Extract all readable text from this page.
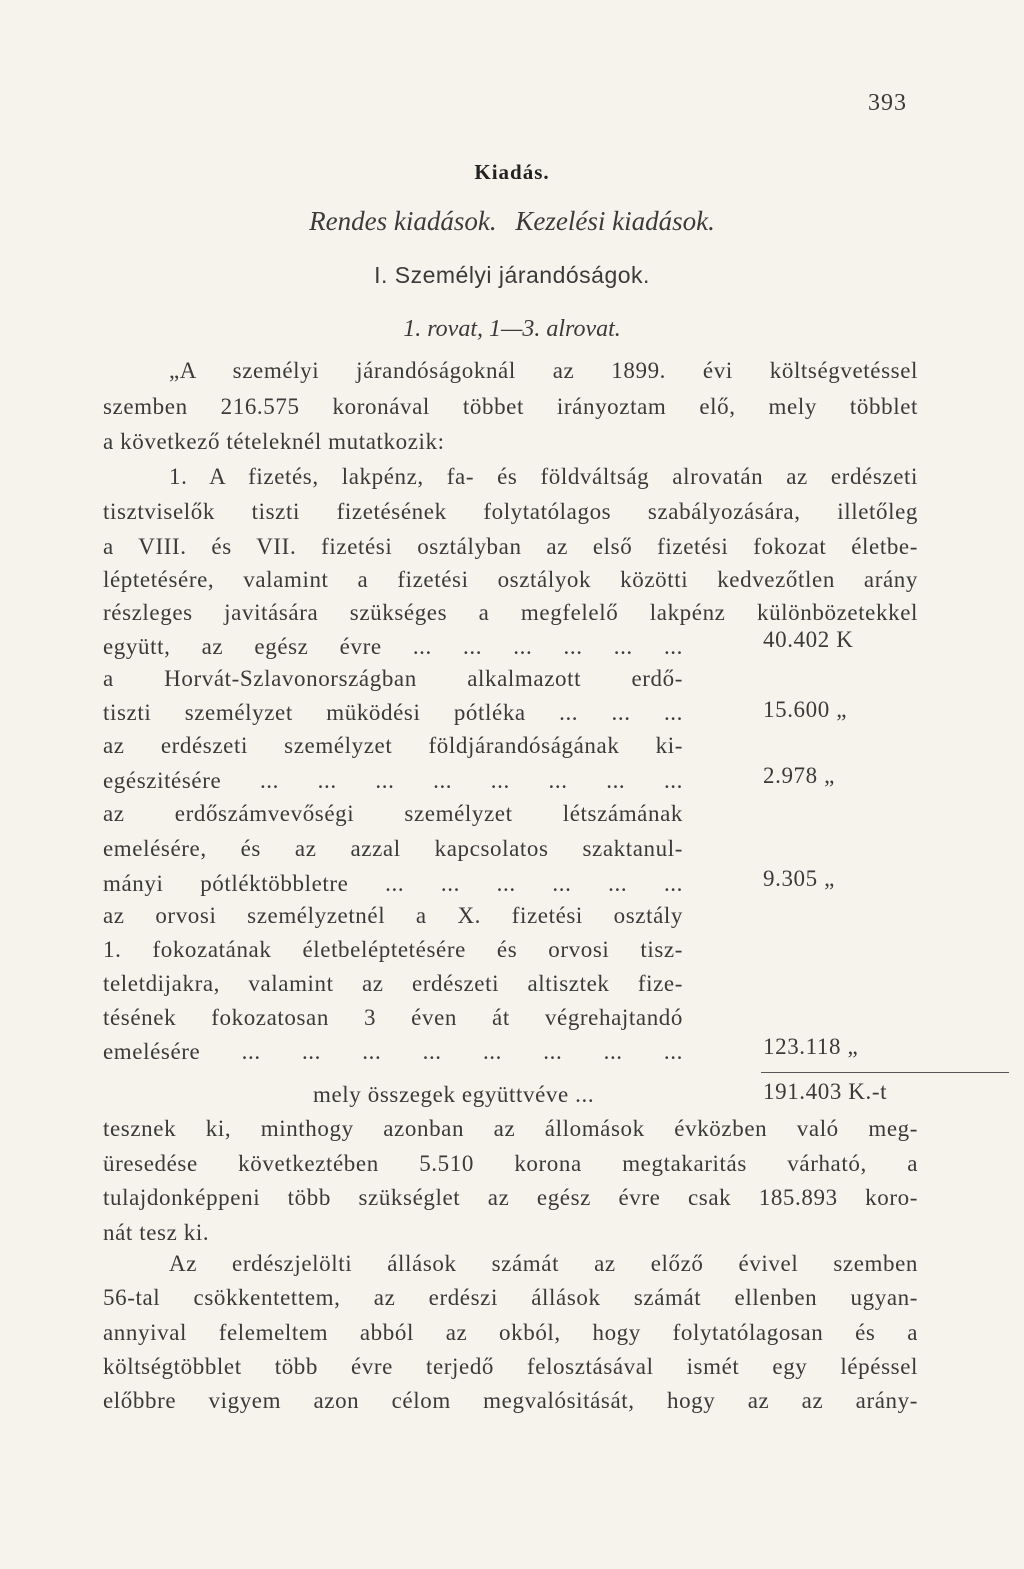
393
Kiadás.
Rendes kiadások. Kezelési kiadások.
I. Személyi járandóságok.
1. rovat, 1—3. alrovat.
„A személyi járandóságoknál az 1899. évi költségvetéssel
szemben 216.575 koronával többet irányoztam elő, mely többlet
a következő tételeknél mutatkozik:
1. A fizetés, lakpénz, fa- és földváltság alrovatán az erdészeti
tisztviselők tiszti fizetésének folytatólagos szabályozására, illetőleg
a VIII. és VII. fizetési osztályban az első fizetési fokozat életbe-
léptetésére, valamint a fizetési osztályok közötti kedvezőtlen arány
részleges javitására szükséges a megfelelő lakpénz különbözetekkel
együtt, az egész évre ... ... ... ... ... ...	40.402 K
a Horvát-Szlavonországban alkalmazott erdő-
tiszti személyzet müködési pótléka ... ... ...	15.600 „
az erdészeti személyzet földjárandóságának ki-
egészitésére ... ... ... ... ... ... ... ...	2.978 „
az erdőszámvevőségi személyzet létszámának
emelésére, és az azzal kapcsolatos szaktanul-
mányi pótléktöbbletre ... ... ... ... ... ...	9.305 „
az orvosi személyzetnél a X. fizetési osztály
1. fokozatának életbeléptetésére és orvosi tisz-
teletdijakra, valamint az erdészeti altisztek fize-
tésének fokozatosan 3 éven át végrehajtandó
emelésére ... ... ... ... ... ... ... ...	123.118 „
mely összegek együttvéve ...	191.403 K.-t
tesznek ki, minthogy azonban az állomások évközben való meg-
üresedése következtében 5.510 korona megtakaritás várható, a
tulajdonképpeni több szükséglet az egész évre csak 185.893 koro-
nát tesz ki.
Az erdészjelölti állások számát az előző évivel szemben
56-tal csökkentettem, az erdészi állások számát ellenben ugyan-
annyival felemeltem abból az okból, hogy folytatólagosan és a
költségtöbblet több évre terjedő felosztásával ismét egy lépéssel
előbbre vigyem azon célom megvalósitását, hogy az az arány-
